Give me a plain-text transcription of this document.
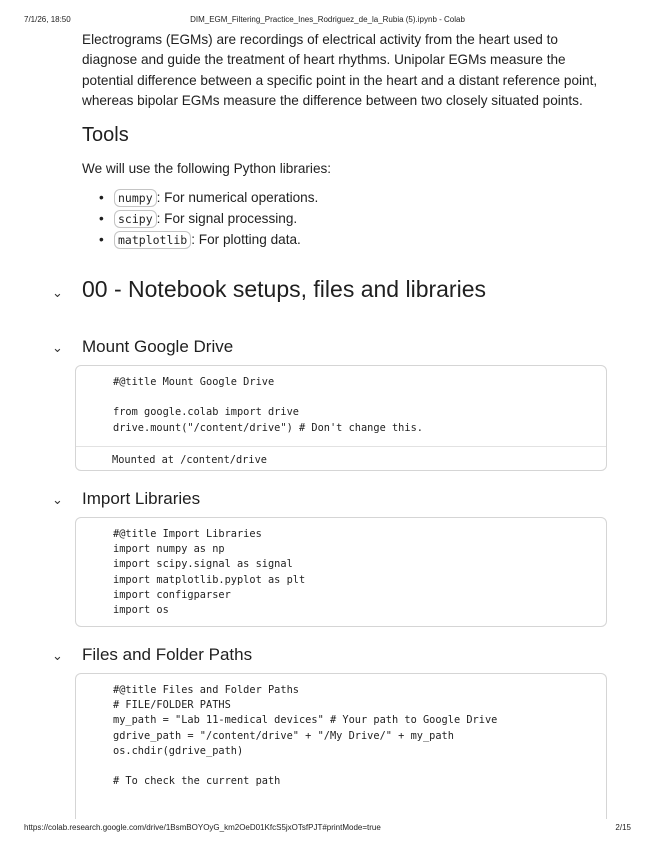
7/1/26, 18:50	DIM_EGM_Filtering_Practice_Ines_Rodriguez_de_la_Rubia (5).ipynb - Colab

Electrograms (EGMs) are recordings of electrical activity from the heart used to diagnose and guide the treatment of heart rhythms. Unipolar EGMs measure the potential difference between a specific point in the heart and a distant reference point, whereas bipolar EGMs measure the difference between two closely situated points.

Tools

We will use the following Python libraries:

• numpy : For numerical operations.
• scipy : For signal processing.
• matplotlib : For plotting data.
⌄ 00 - Notebook setups, files and libraries
⌄ Mount Google Drive
#@title Mount Google Drive

from google.colab import drive
drive.mount("/content/drive") # Don't change this.
Mounted at /content/drive
⌄ Import Libraries
#@title Import Libraries
import numpy as np
import scipy.signal as signal
import matplotlib.pyplot as plt
import configparser
import os
⌄ Files and Folder Paths
#@title Files and Folder Paths
# FILE/FOLDER PATHS
my_path = "Lab 11-medical devices" # Your path to Google Drive
gdrive_path = "/content/drive" + "/My Drive/" + my_path
os.chdir(gdrive_path)

# To check the current path
https://colab.research.google.com/drive/1BsmBOYOyG_km2OeD01KfcS5jxOTsfPJT#printMode=true	2/15
